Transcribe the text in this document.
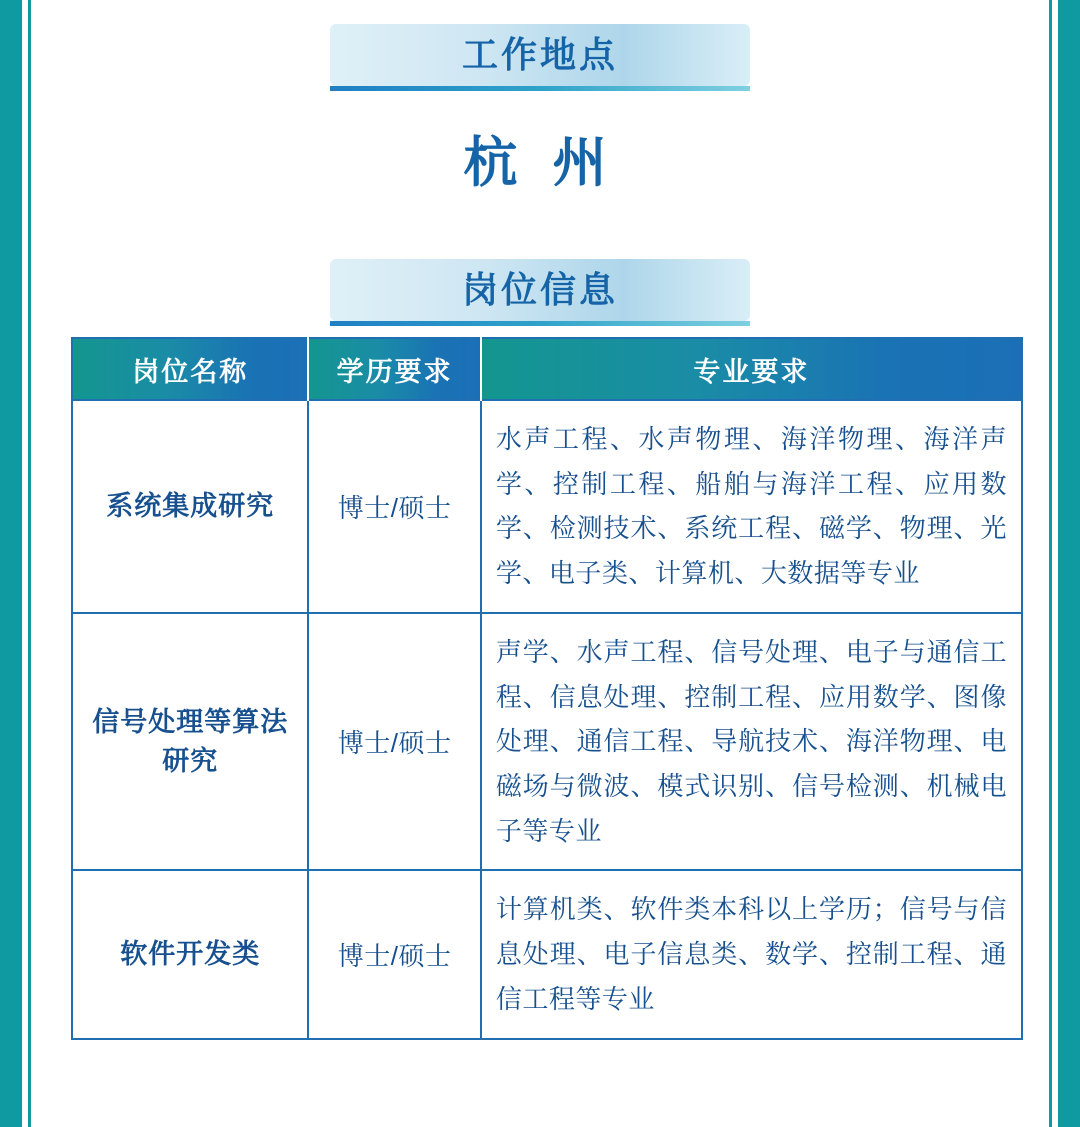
工作地点
杭 州
岗位信息
岗位名称	学历要求	专业要求
系统集成研究	博士/硕士	水声工程、水声物理、海洋物理、海洋声学、控制工程、船舶与海洋工程、应用数学、检测技术、系统工程、磁学、物理、光学、电子类、计算机、大数据等专业
信号处理等算法研究	博士/硕士	声学、水声工程、信号处理、电子与通信工程、信息处理、控制工程、应用数学、图像处理、通信工程、导航技术、海洋物理、电磁场与微波、模式识别、信号检测、机械电子等专业
软件开发类	博士/硕士	计算机类、软件类本科以上学历；信号与信息处理、电子信息类、数学、控制工程、通信工程等专业
